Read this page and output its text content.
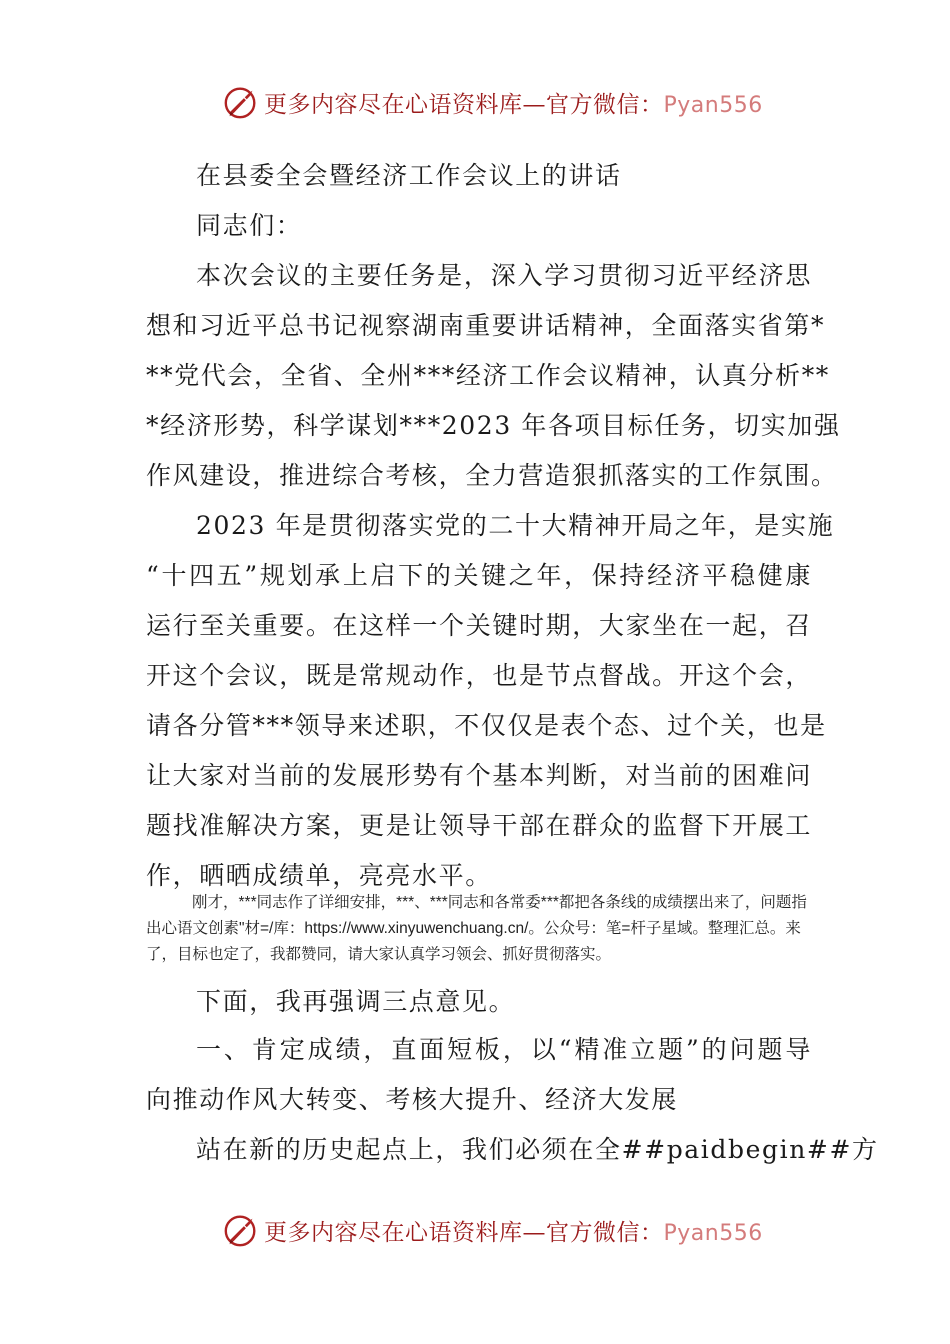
更多内容尽在心语资料库—官方微信：Pyan556
在县委全会暨经济工作会议上的讲话
同志们：
本次会议的主要任务是，深入学习贯彻习近平经济思
想和习近平总书记视察湖南重要讲话精神，全面落实省第*
**党代会，全省、全州***经济工作会议精神，认真分析**
*经济形势，科学谋划***2023 年各项目标任务，切实加强
作风建设，推进综合考核，全力营造狠抓落实的工作氛围。
2023 年是贯彻落实党的二十大精神开局之年，是实施
“十四五”规划承上启下的关键之年，保持经济平稳健康
运行至关重要。在这样一个关键时期，大家坐在一起，召
开这个会议，既是常规动作，也是节点督战。开这个会，
请各分管***领导来述职，不仅仅是表个态、过个关，也是
让大家对当前的发展形势有个基本判断，对当前的困难问
题找准解决方案，更是让领导干部在群众的监督下开展工
作，晒晒成绩单，亮亮水平。
刚才，***同志作了详细安排，***、***同志和各常委***都把各条线的成绩摆出来了，问题指出心语文创素"材=/库：https://www.xinyuwenchuang.cn/。公众号：笔=杆子星域。整理汇总。来了，目标也定了，我都赞同，请大家认真学习领会、抓好贯彻落实。
下面，我再强调三点意见。
一、肯定成绩，直面短板，以“精准立题”的问题导
向推动作风大转变、考核大提升、经济大发展
站在新的历史起点上，我们必须在全##paidbegin##方
更多内容尽在心语资料库—官方微信：Pyan556
